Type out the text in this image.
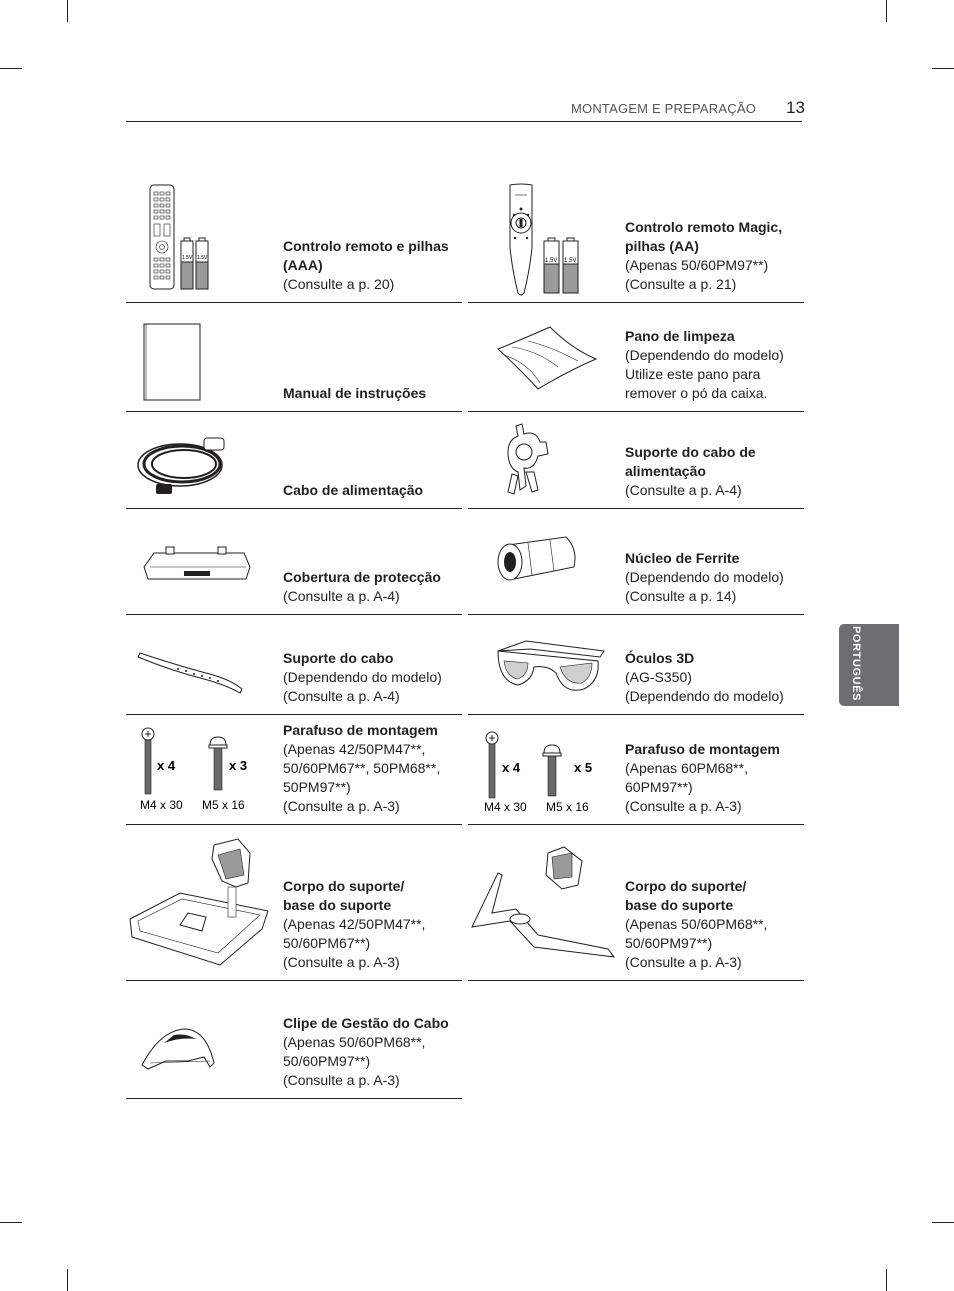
MONTAGEM E PREPARAÇÃO 13
PORTUGUÊS
1.5V 1.5V
Controlo remoto e pilhas (AAA)
(Consulte a p. 20)
1.5V 1.5V
Controlo remoto Magic, pilhas (AA)
(Apenas 50/60PM97**)
(Consulte a p. 21)
Manual de instruções
Pano de limpeza
(Dependendo do modelo)
Utilize este pano para remover o pó da caixa.
Cabo de alimentação
Suporte do cabo de alimentação
(Consulte a p. A-4)
Cobertura de protecção
(Consulte a p. A-4)
Núcleo de Ferrite
(Dependendo do modelo)
(Consulte a p. 14)
Suporte do cabo
(Dependendo do modelo)
(Consulte a p. A-4)
Óculos 3D
(AG-S350)
(Dependendo do modelo)
x 4	x 3
M4 x 30 M5 x 16
Parafuso de montagem
(Apenas 42/50PM47**,
50/60PM67**, 50PM68**,
50PM97**)
(Consulte a p. A-3)
x 4	x 5
M4 x 30 M5 x 16
Parafuso de montagem
(Apenas 60PM68**,
60PM97**)
(Consulte a p. A-3)
Corpo do suporte/
base do suporte
(Apenas 42/50PM47**,
50/60PM67**)
(Consulte a p. A-3)
Corpo do suporte/
base do suporte
(Apenas 50/60PM68**,
50/60PM97**)
(Consulte a p. A-3)
Clipe de Gestão do Cabo
(Apenas 50/60PM68**,
50/60PM97**)
(Consulte a p. A-3)
